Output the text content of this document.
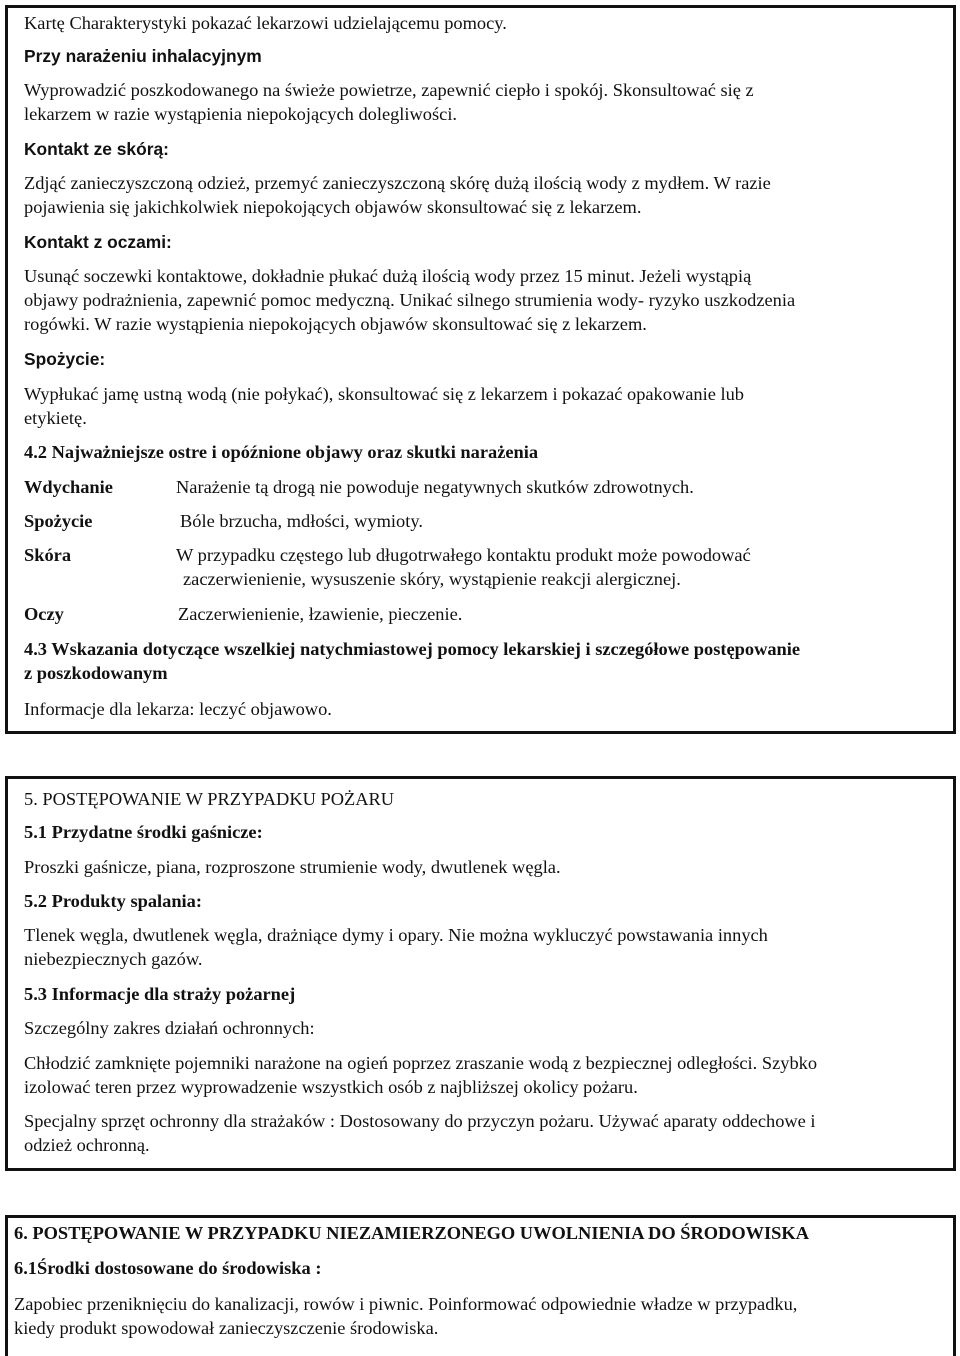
Kartę Charakterystyki pokazać lekarzowi udzielającemu pomocy.
Przy narażeniu inhalacyjnym
Wyprowadzić poszkodowanego na świeże powietrze, zapewnić ciepło i spokój. Skonsultować się z
lekarzem w razie wystąpienia niepokojących dolegliwości.
Kontakt ze skórą:
Zdjąć zanieczyszczoną odzież, przemyć zanieczyszczoną skórę dużą ilością wody z mydłem. W razie
pojawienia się jakichkolwiek niepokojących objawów skonsultować się z lekarzem.
Kontakt z oczami:
Usunąć soczewki kontaktowe, dokładnie płukać dużą ilością wody przez 15 minut. Jeżeli wystąpią
objawy podrażnienia, zapewnić pomoc medyczną. Unikać silnego strumienia wody- ryzyko uszkodzenia
rogówki. W razie wystąpienia niepokojących objawów skonsultować się z lekarzem.
Spożycie:
Wypłukać jamę ustną wodą (nie połykać), skonsultować się z lekarzem i pokazać opakowanie lub
etykietę.
4.2 Najważniejsze ostre i opóźnione objawy oraz skutki narażenia
Wdychanie	Narażenie tą drogą nie powoduje negatywnych skutków zdrowotnych.
Spożycie	Bóle brzucha, mdłości, wymioty.
Skóra	W przypadku częstego lub długotrwałego kontaktu produkt może powodować
zaczerwienienie, wysuszenie skóry, wystąpienie reakcji alergicznej.
Oczy	Zaczerwienienie, łzawienie, pieczenie.
4.3 Wskazania dotyczące wszelkiej natychmiastowej pomocy lekarskiej i szczegółowe postępowanie
z poszkodowanym
Informacje dla lekarza: leczyć objawowo.
5. POSTĘPOWANIE W PRZYPADKU POŻARU
5.1 Przydatne środki gaśnicze:
Proszki gaśnicze, piana, rozproszone strumienie wody, dwutlenek węgla.
5.2 Produkty spalania:
Tlenek węgla, dwutlenek węgla, drażniące dymy i opary. Nie można wykluczyć powstawania innych
niebezpiecznych gazów.
5.3 Informacje dla straży pożarnej
Szczególny zakres działań ochronnych:
Chłodzić zamknięte pojemniki narażone na ogień poprzez zraszanie wodą z bezpiecznej odległości. Szybko
izolować teren przez wyprowadzenie wszystkich osób z najbliższej okolicy pożaru.
Specjalny sprzęt ochronny dla strażaków : Dostosowany do przyczyn pożaru. Używać aparaty oddechowe i
odzież ochronną.
6. POSTĘPOWANIE W PRZYPADKU NIEZAMIERZONEGO UWOLNIENIA DO ŚRODOWISKA
6.1Środki dostosowane do środowiska :
Zapobiec przeniknięciu do kanalizacji, rowów i piwnic. Poinformować odpowiednie władze w przypadku,
kiedy produkt spowodował zanieczyszczenie środowiska.
